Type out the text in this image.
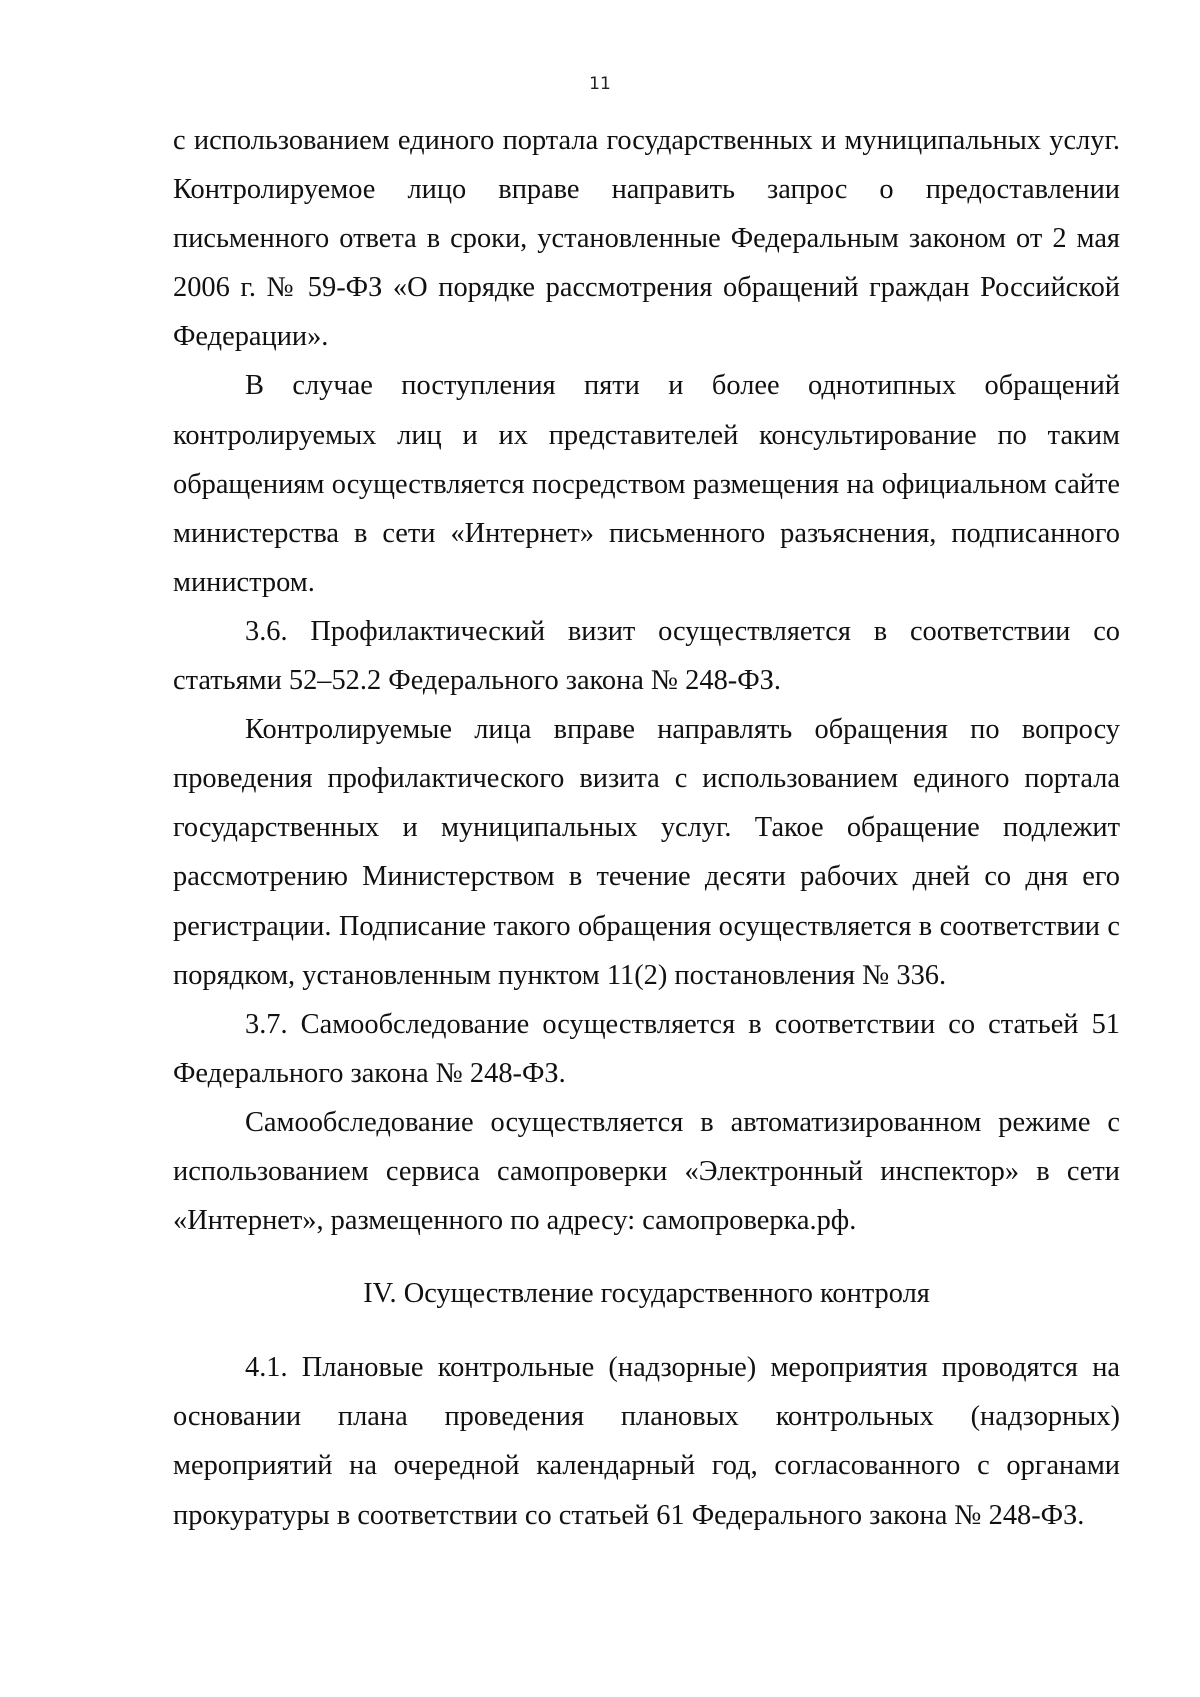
11

с использованием единого портала государственных и муниципальных услуг. Контролируемое лицо вправе направить запрос о предоставлении письменного ответа в сроки, установленные Федеральным законом от 2 мая 2006 г. № 59-ФЗ «О порядке рассмотрения обращений граждан Российской Федерации».

В случае поступления пяти и более однотипных обращений контролируемых лиц и их представителей консультирование по таким обращениям осуществляется посредством размещения на официальном сайте министерства в сети «Интернет» письменного разъяснения, подписанного министром.

3.6. Профилактический визит осуществляется в соответствии со статьями 52–52.2 Федерального закона № 248-ФЗ.

Контролируемые лица вправе направлять обращения по вопросу проведения профилактического визита с использованием единого портала государственных и муниципальных услуг. Такое обращение подлежит рассмотрению Министерством в течение десяти рабочих дней со дня его регистрации. Подписание такого обращения осуществляется в соответствии с порядком, установленным пунктом 11(2) постановления № 336.

3.7. Самообследование осуществляется в соответствии со статьей 51 Федерального закона № 248-ФЗ.

Самообследование осуществляется в автоматизированном режиме с использованием сервиса самопроверки «Электронный инспектор» в сети «Интернет», размещенного по адресу: самопроверка.рф.

IV. Осуществление государственного контроля

4.1. Плановые контрольные (надзорные) мероприятия проводятся на основании плана проведения плановых контрольных (надзорных) мероприятий на очередной календарный год, согласованного с органами прокуратуры в соответствии со статьей 61 Федерального закона № 248-ФЗ.
